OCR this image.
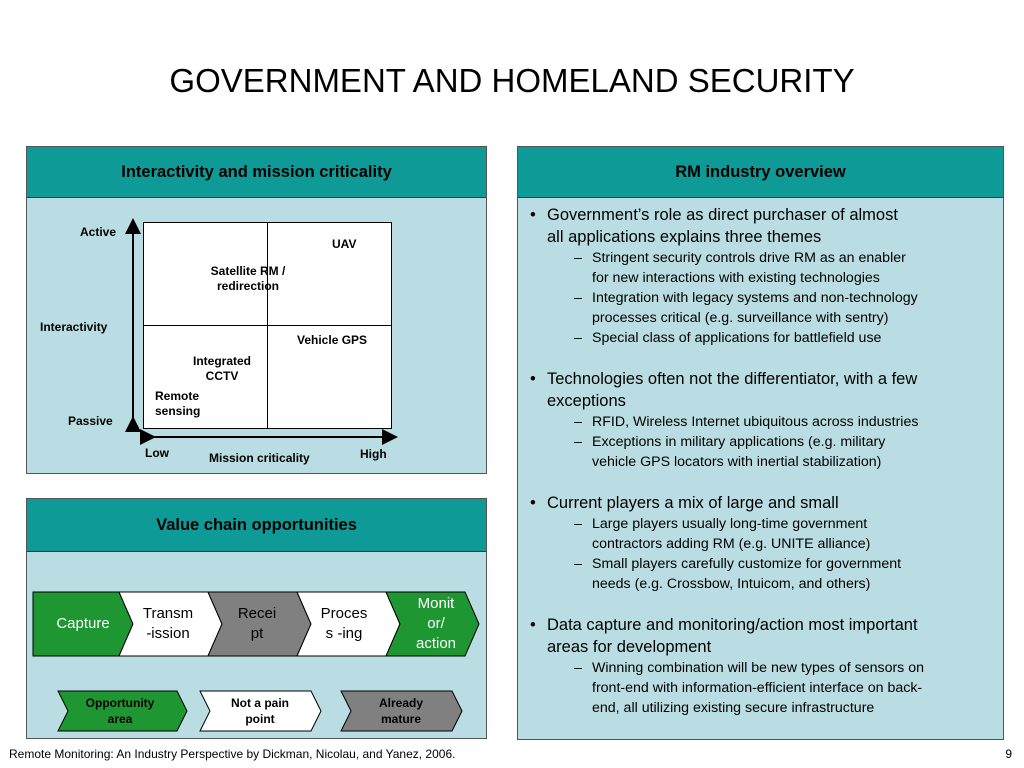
GOVERNMENT AND HOMELAND SECURITY
Interactivity and mission criticality
Active
Interactivity
Passive
Low	Mission criticality	High
UAV
Satellite RM /
redirection
Vehicle GPS
Integrated
CCTV
Remote
sensing
Value chain opportunities
Capture
Transm
-ission
Recei
pt
Proces
s -ing
Monit
or/
action
Opportunity
area
Not a pain
point
Already
mature
RM industry overview
• Government’s role as direct purchaser of almost
all applications explains three themes
– Stringent security controls drive RM as an enabler
for new interactions with existing technologies
– Integration with legacy systems and non-technology
processes critical (e.g. surveillance with sentry)
– Special class of applications for battlefield use
• Technologies often not the differentiator, with a few
exceptions
– RFID, Wireless Internet ubiquitous across industries
– Exceptions in military applications (e.g. military
vehicle GPS locators with inertial stabilization)
• Current players a mix of large and small
– Large players usually long-time government
contractors adding RM (e.g. UNITE alliance)
– Small players carefully customize for government
needs (e.g. Crossbow, Intuicom, and others)
• Data capture and monitoring/action most important
areas for development
– Winning combination will be new types of sensors on
front-end with information-efficient interface on back-
end, all utilizing existing secure infrastructure
Remote Monitoring: An Industry Perspective by Dickman, Nicolau, and Yanez, 2006.	9
